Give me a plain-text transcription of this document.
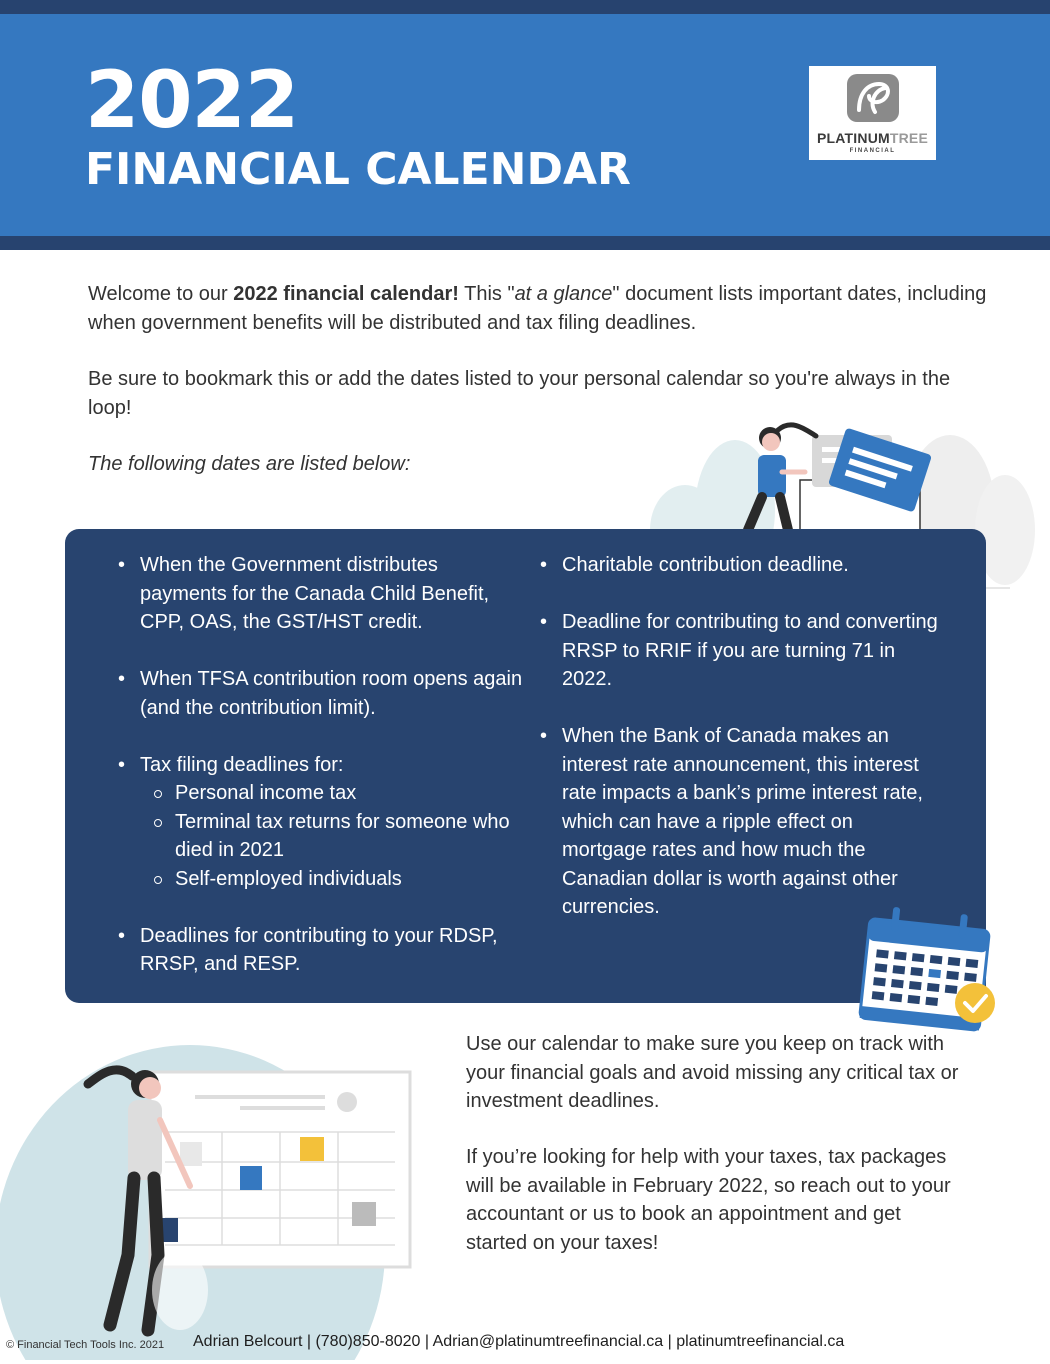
2022
FINANCIAL CALENDAR
PLATINUMTREE
FINANCIAL

Welcome to our 2022 financial calendar! This "at a glance" document lists important dates, including when government benefits will be distributed and tax filing deadlines.

Be sure to bookmark this or add the dates listed to your personal calendar so you're always in the loop!

The following dates are listed below:

• When the Government distributes payments for the Canada Child Benefit, CPP, OAS, the GST/HST credit.
• When TFSA contribution room opens again (and the contribution limit).
• Tax filing deadlines for:
Personal income tax
Terminal tax returns for someone who died in 2021
Self-employed individuals
• Deadlines for contributing to your RDSP, RRSP, and RESP.
• Charitable contribution deadline.
• Deadline for contributing to and converting RRSP to RRIF if you are turning 71 in 2022.
• When the Bank of Canada makes an interest rate announcement, this interest rate impacts a bank’s prime interest rate, which can have a ripple effect on mortgage rates and how much the Canadian dollar is worth against other currencies.

Use our calendar to make sure you keep on track with your financial goals and avoid missing any critical tax or investment deadlines.

If you’re looking for help with your taxes, tax packages will be available in February 2022, so reach out to your accountant or us to book an appointment and get started on your taxes!

© Financial Tech Tools Inc. 2021 Adrian Belcourt | (780)850-8020 | Adrian@platinumtreefinancial.ca | platinumtreefinancial.ca
